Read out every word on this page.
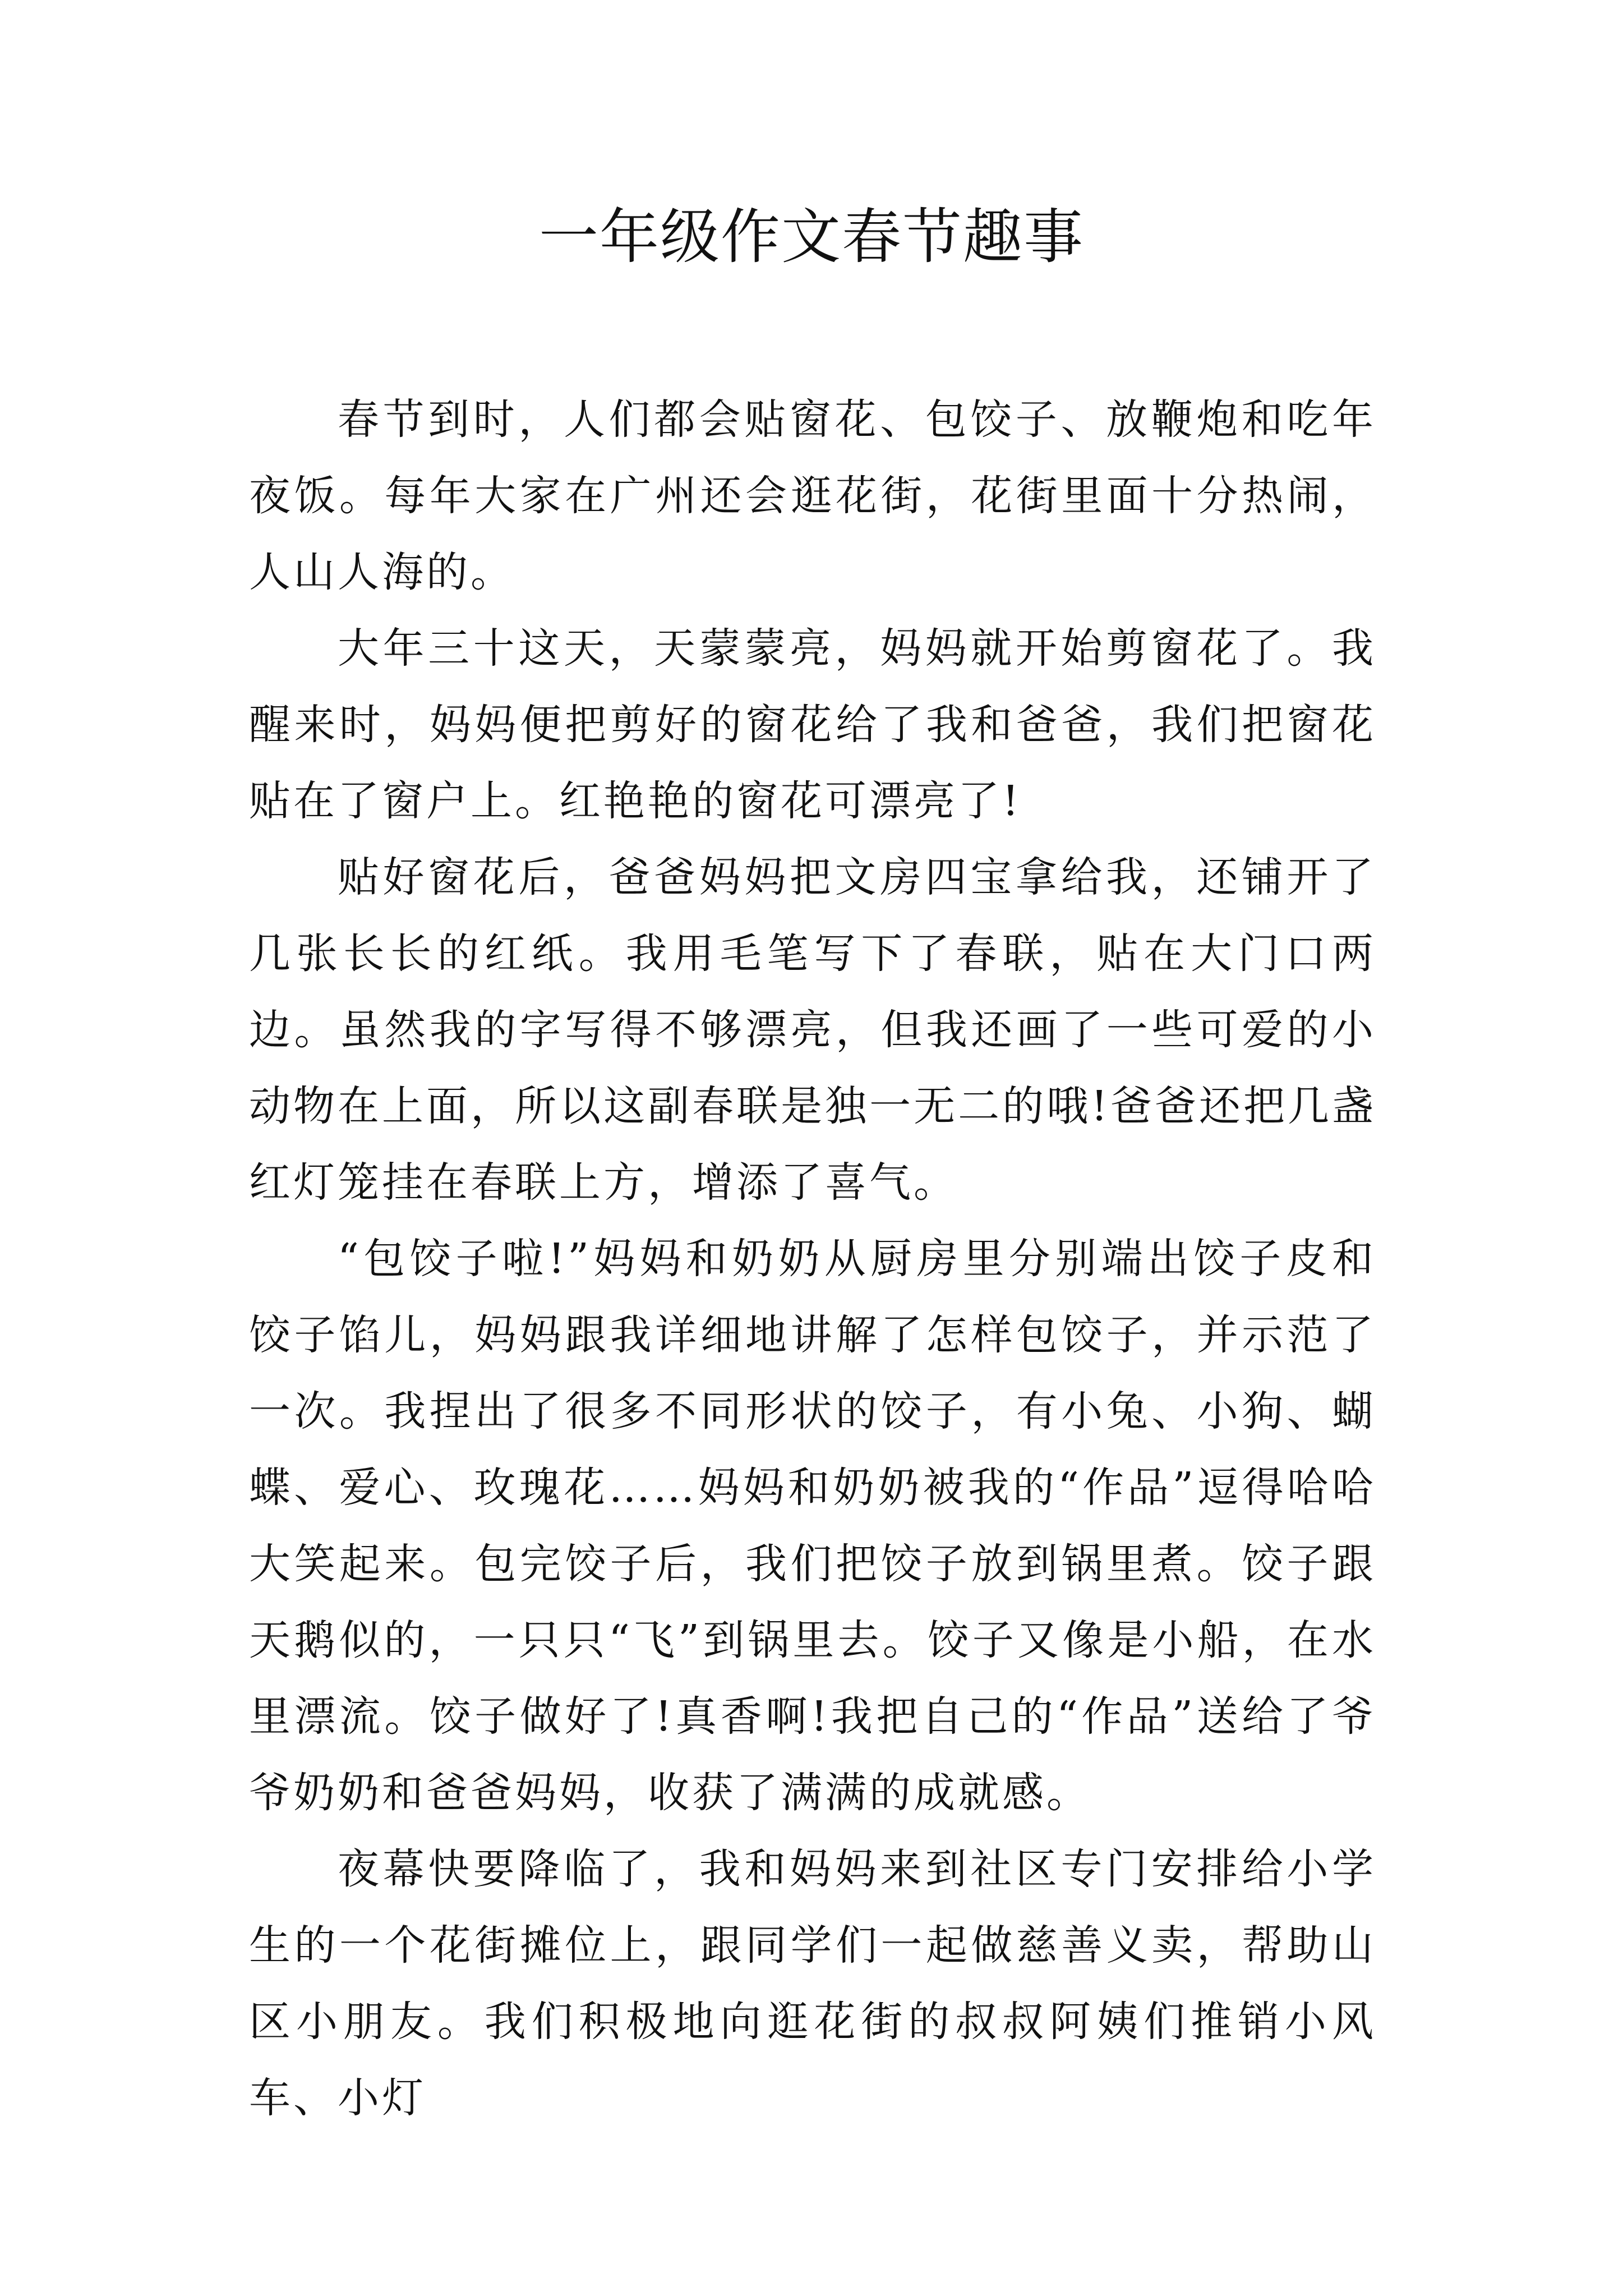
一年级作文春节趣事

春节到时，人们都会贴窗花、包饺子、放鞭炮和吃年夜饭。每年大家在广州还会逛花街，花街里面十分热闹，人山人海的。

大年三十这天，天蒙蒙亮，妈妈就开始剪窗花了。我醒来时，妈妈便把剪好的窗花给了我和爸爸，我们把窗花贴在了窗户上。红艳艳的窗花可漂亮了!

贴好窗花后，爸爸妈妈把文房四宝拿给我，还铺开了几张长长的红纸。我用毛笔写下了春联，贴在大门口两边。虽然我的字写得不够漂亮，但我还画了一些可爱的小动物在上面，所以这副春联是独一无二的哦!爸爸还把几盏红灯笼挂在春联上方，增添了喜气。

“包饺子啦!”妈妈和奶奶从厨房里分别端出饺子皮和饺子馅儿，妈妈跟我详细地讲解了怎样包饺子，并示范了一次。我捏出了很多不同形状的饺子，有小兔、小狗、蝴蝶、爱心、玫瑰花……妈妈和奶奶被我的“作品”逗得哈哈大笑起来。包完饺子后，我们把饺子放到锅里煮。饺子跟天鹅似的，一只只“飞”到锅里去。饺子又像是小船，在水里漂流。饺子做好了!真香啊!我把自己的“作品”送给了爷爷奶奶和爸爸妈妈，收获了满满的成就感。

夜幕快要降临了，我和妈妈来到社区专门安排给小学生的一个花街摊位上，跟同学们一起做慈善义卖，帮助山区小朋友。我们积极地向逛花街的叔叔阿姨们推销小风车、小灯
